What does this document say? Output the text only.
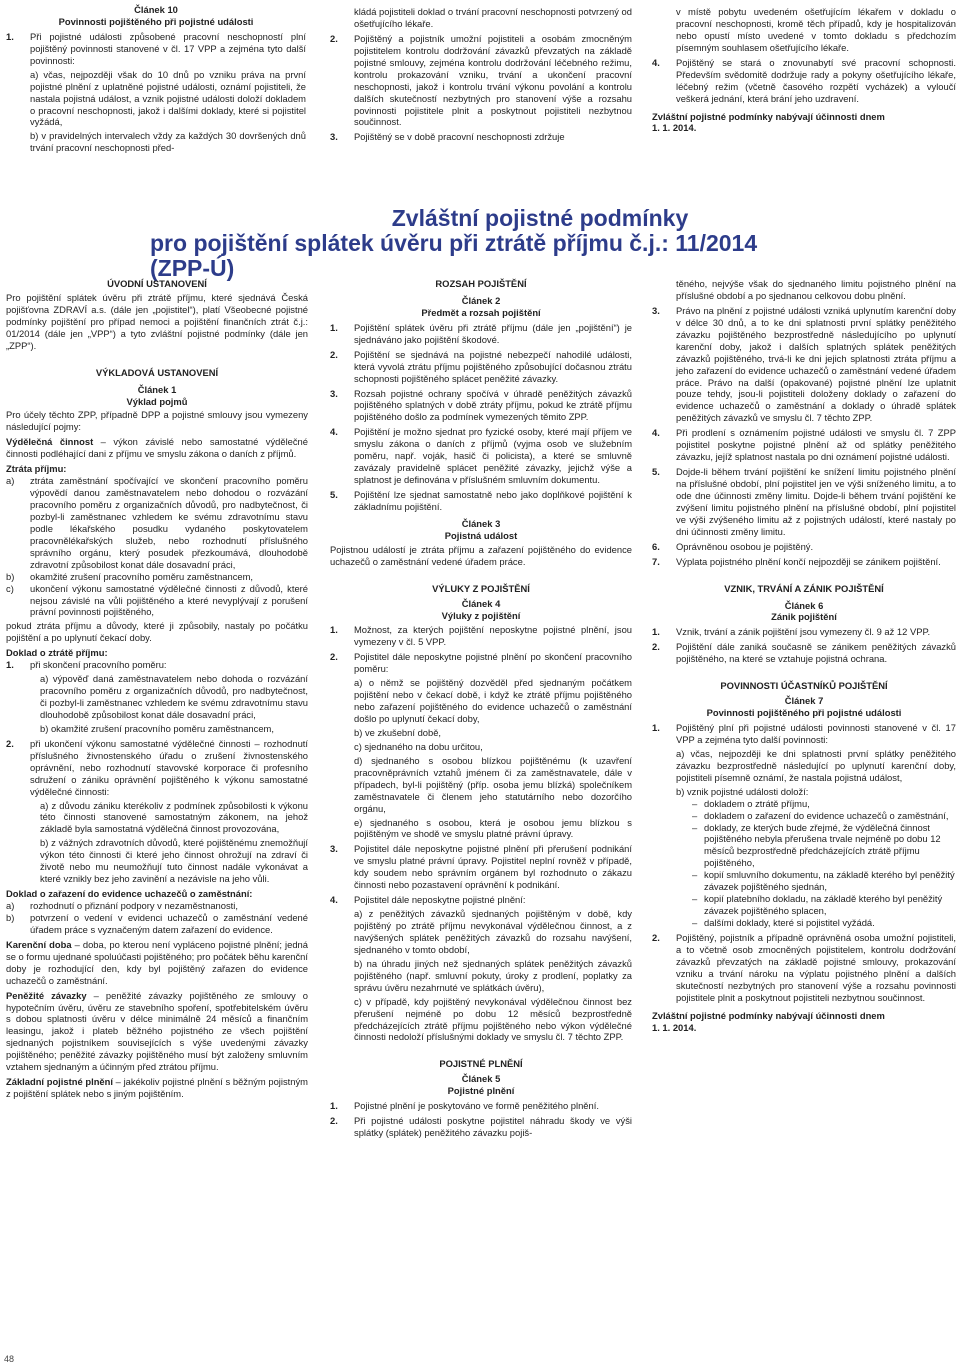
Článek 10
Povinnosti pojištěného při pojistné události
1.	Při pojistné události způsobené pracovní neschopností plní pojištěný povinnosti stanovené v čl. 17 VPP a zejména tyto další povinnosti:
a) včas, nejpozději však do 10 dnů po vzniku práva na první pojistné plnění z uplatněné pojistné události, oznámí pojistiteli, že nastala pojistná událost, a vznik pojistné události doloží dokladem o pracovní neschopnosti, jakož i dalšími doklady, které si pojistitel vyžádá,
b) v pravidelných intervalech vždy za každých 30 dovršených dnů trvání pracovní neschopnosti před-
kládá pojistiteli doklad o trvání pracovní neschopnosti potvrzený od ošetřujícího lékaře.
2.	Pojištěný a pojistník umožní pojistiteli a osobám zmocněným pojistitelem kontrolu dodržování závazků převzatých na základě pojistné smlouvy, zejména kontrolu dodržování léčebného režimu, kontrolu prokazování vzniku, trvání a ukončení pracovní neschopnosti, jakož i kontrolu trvání výkonu povolání a kontrolu dalších skutečností nezbytných pro stanovení výše a rozsahu povinnosti pojistitele plnit a poskytnout pojistiteli nezbytnou součinnost.
3.	Pojištěný se v době pracovní neschopnosti zdržuje
v místě pobytu uvedeném ošetřujícím lékařem v dokladu o pracovní neschopnosti, kromě těch případů, kdy je hospitalizován nebo opustí místo uvedené v tomto dokladu s předchozím písemným souhlasem ošetřujícího lékaře.
4.	Pojištěný se stará o znovunabytí své pracovní schopnosti. Především svědomitě dodržuje rady a pokyny ošetřujícího lékaře, léčebný režim (včetně časového rozpětí vycházek) a vyloučí veškerá jednání, která brání jeho uzdravení.
Zvláštní pojistné podmínky nabývají účinnosti dnem
1. 1. 2014.
Zvláštní pojistné podmínky
pro pojištění splátek úvěru při ztrátě příjmu č.j.: 11/2014 (ZPP-Ú)
ÚVODNÍ USTANOVENÍ
Pro pojištění splátek úvěru při ztrátě příjmu, které sjednává Česká pojišťovna ZDRAVÍ a.s. (dále jen „pojistitel“), platí Všeobecné pojistné podmínky pojištění pro případ nemoci a pojištění finančních ztrát č.j.: 01/2014 (dále jen „VPP“) a tyto zvláštní pojistné podmínky (dále jen „ZPP“).
VÝKLADOVÁ USTANOVENÍ
Článek 1
Výklad pojmů
Pro účely těchto ZPP, případně DPP a pojistné smlouvy jsou vymezeny následující pojmy:
Výdělečná činnost – výkon závislé nebo samostatné výdělečné činnosti podléhající dani z příjmu ve smyslu zákona o daních z příjmů.
Ztráta příjmu:
a)	ztráta zaměstnání spočívající ve skončení pracovního poměru výpovědí danou zaměstnavatelem nebo dohodou o rozvázání pracovního poměru z organizačních důvodů, pro nadbytečnost, či pozbyl-li zaměstnanec vzhledem ke svému zdravotnímu stavu podle lékařského posudku vydaného poskytovatelem pracovnělékařských služeb, nebo rozhodnutí příslušného správního orgánu, který posudek přezkoumává, dlouhodobě zdravotní způsobilost konat dále dosavadní práci,
b)	okamžité zrušení pracovního poměru zaměstnancem,
c)	ukončení výkonu samostatné výdělečné činnosti z důvodů, které nejsou závislé na vůli pojištěného a které nevyplývají z porušení právní povinnosti pojištěného,
pokud ztráta příjmu a důvody, které ji způsobily, nastaly po počátku pojištění a po uplynutí čekací doby.
Doklad o ztrátě příjmu:
1.	při skončení pracovního poměru:
a) výpověď daná zaměstnavatelem nebo dohoda o rozvázání pracovního poměru z organizačních důvodů, pro nadbytečnost, či pozbyl-li zaměstnanec vzhledem ke svému zdravotnímu stavu dlouhodobě způsobilost konat dále dosavadní práci,
b) okamžité zrušení pracovního poměru zaměstnancem,
2.	při ukončení výkonu samostatné výdělečné činnosti – rozhodnutí příslušného živnostenského úřadu o zrušení živnostenského oprávnění, nebo rozhodnutí stavovské korporace či profesního sdružení o zániku oprávnění pojištěného k výkonu samostatné výdělečné činnosti:
a) z důvodu zániku kterékoliv z podmínek způsobilosti k výkonu této činnosti stanovené samostatným zákonem, na jehož základě byla samostatná výdělečná činnost provozována,
b) z vážných zdravotních důvodů, které pojištěnému znemožňují výkon této činnosti či které jeho činnost ohrožují na zdraví či životě nebo mu neumožňují tuto činnost nadále vykonávat a které vznikly bez jeho zavinění a nezávisle na jeho vůli.
Doklad o zařazení do evidence uchazečů o zaměstnání:
a)	rozhodnutí o přiznání podpory v nezaměstnanosti,
b)	potvrzení o vedení v evidenci uchazečů o zaměstnání vedené úřadem práce s vyznačeným datem zařazení do evidence.
Karenční doba – doba, po kterou není vypláceno pojistné plnění; jedná se o formu ujednané spoluúčasti pojištěného; pro počátek běhu karenční doby je rozhodující den, kdy byl pojištěný zařazen do evidence uchazečů o zaměstnání.
Peněžité závazky – peněžité závazky pojištěného ze smlouvy o hypotečním úvěru, úvěru ze stavebního spoření, spotřebitelském úvěru s dobou splatnosti úvěru v délce minimálně 24 měsíců a finančním leasingu, jakož i plateb běžného pojistného ze všech pojištění sjednaných pojistníkem souvisejících s výše uvedenými závazky pojištěného; peněžité závazky pojištěného musí být založeny smluvním vztahem sjednaným a účinným před ztrátou příjmu.
Základní pojistné plnění – jakékoliv pojistné plnění s běžným pojistným z pojištění splátek nebo s jiným pojištěním.
ROZSAH POJIŠTĚNÍ
Článek 2
Předmět a rozsah pojištění
1.	Pojištění splátek úvěru při ztrátě příjmu (dále jen „pojištění“) je sjednáváno jako pojištění škodové.
2.	Pojištění se sjednává na pojistné nebezpečí nahodilé události, která vyvolá ztrátu příjmu pojištěného způsobující dočasnou ztrátu schopnosti pojištěného splácet peněžité závazky.
3.	Rozsah pojistné ochrany spočívá v úhradě peněžitých závazků pojištěného splatných v době ztráty příjmu, pokud ke ztrátě příjmu pojištěného došlo za podmínek vymezených těmito ZPP.
4.	Pojištění je možno sjednat pro fyzické osoby, které mají příjem ve smyslu zákona o daních z příjmů (vyjma osob ve služebním poměru, např. voják, hasič či policista), a které se smluvně zavázaly pravidelně splácet peněžité závazky, jejichž výše a splatnost je definována v příslušném smluvním dokumentu.
5.	Pojištění lze sjednat samostatně nebo jako doplňkové pojištění k základnímu pojištění.
Článek 3
Pojistná událost
Pojistnou událostí je ztráta příjmu a zařazení pojištěného do evidence uchazečů o zaměstnání vedené úřadem práce.
VÝLUKY Z POJIŠTĚNÍ
Článek 4
Výluky z pojištění
1.	Možnost, za kterých pojištění neposkytne pojistné plnění, jsou vymezeny v čl. 5 VPP.
2.	Pojistitel dále neposkytne pojistné plnění po skončení pracovního poměru:
a) o němž se pojištěný dozvěděl před sjednaným počátkem pojištění nebo v čekací době, i když ke ztrátě příjmu pojištěného nebo zařazení pojištěného do evidence uchazečů o zaměstnání došlo po uplynutí čekací doby,
b) ve zkušební době,
c) sjednaného na dobu určitou,
d) sjednaného s osobou blízkou pojištěnému (k uzavření pracovněprávních vztahů jménem či za zaměstnavatele, dále v případech, byl-li pojištěný (příp. osoba jemu blízká) společníkem zaměstnavatele či členem jeho statutárního nebo dozorčího orgánu,
e) sjednaného s osobou, která je osobou jemu blízkou s pojištěným ve shodě ve smyslu platné právní úpravy.
3.	Pojistitel dále neposkytne pojistné plnění při přerušení podnikání ve smyslu platné právní úpravy. Pojistitel neplní rovněž v případě, kdy soudem nebo správním orgánem byl rozhodnuto o zákazu činnosti nebo pozastavení oprávnění k podnikání.
4.	Pojistitel dále neposkytne pojistné plnění:
a) z peněžitých závazků sjednaných pojištěným v době, kdy pojištěný po ztrátě příjmu nevykonával výdělečnou činnost, a z navýšených splátek peněžitých závazků do rozsahu navýšení, sjednaného v tomto období,
b) na úhradu jiných než sjednaných splátek peněžitých závazků pojištěného (např. smluvní pokuty, úroky z prodlení, poplatky za správu úvěru nezahrnuté ve splátkách úvěru),
c) v případě, kdy pojištěný nevykonával výdělečnou činnost bez přerušení nejméně po dobu 12 měsíců bezprostředně předcházejících ztrátě příjmu pojištěného nebo výkon výdělečné činnosti nedoloží příslušnými doklady ve smyslu čl. 7 těchto ZPP.
POJISTNÉ PLNĚNÍ
Článek 5
Pojistné plnění
1.	Pojistné plnění je poskytováno ve formě peněžitého plnění.
2.	Při pojistné události poskytne pojistitel náhradu škody ve výši splátky (splátek) peněžitého závazku pojiš-
těného, nejvýše však do sjednaného limitu pojistného plnění na příslušné období a po sjednanou celkovou dobu plnění.
3.	Právo na plnění z pojistné události vzniká uplynutím karenční doby v délce 30 dnů, a to ke dni splatnosti první splátky peněžitého závazku pojištěného bezprostředně následujícího po uplynutí karenční doby, jakož i dalších splatných splátek peněžitých závazků pojištěného, trvá-li ke dni jejich splatnosti ztráta příjmu a jeho zařazení do evidence uchazečů o zaměstnání vedené úřadem práce. Právo na další (opakované) pojistné plnění lze uplatnit pouze tehdy, jsou-li pojistiteli doloženy doklady o zařazení do evidence uchazečů o zaměstnání a doklady o úhradě splátek peněžitých závazků ve smyslu čl. 7 těchto ZPP.
4.	Při prodlení s oznámením pojistné události ve smyslu čl. 7 ZPP pojistitel poskytne pojistné plnění až od splátky peněžitého závazku, jejíž splatnost nastala po dni oznámení pojistné události.
5.	Dojde-li během trvání pojištění ke snížení limitu pojistného plnění na příslušné období, plní pojistitel jen ve výši sníženého limitu, a to ode dne účinnosti změny limitu. Dojde-li během trvání pojištění ke zvýšení limitu pojistného plnění na příslušné období, plní pojistitel ve výši zvýšeného limitu až z pojistných událostí, které nastaly po dni účinnosti změny limitu.
6.	Oprávněnou osobou je pojištěný.
7.	Výplata pojistného plnění končí nejpozději se zánikem pojištění.
VZNIK, TRVÁNÍ A ZÁNIK POJIŠTĚNÍ
Článek 6
Zánik pojištění
1.	Vznik, trvání a zánik pojištění jsou vymezeny čl. 9 až 12 VPP.
2.	Pojištění dále zaniká současně se zánikem peněžitých závazků pojištěného, na které se vztahuje pojistná ochrana.
POVINNOSTI ÚČASTNÍKŮ POJIŠTĚNÍ
Článek 7
Povinnosti pojištěného při pojistné události
1.	Pojištěný plní při pojistné události povinnosti stanovené v čl. 17 VPP a zejména tyto další povinnosti:
a) včas, nejpozději ke dni splatnosti první splátky peněžitého závazku bezprostředně následující po uplynutí karenční doby, pojistiteli písemně oznámí, že nastala pojistná událost,
b) vznik pojistné události doloží:
– dokladem o ztrátě příjmu,
– dokladem o zařazení do evidence uchazečů o zaměstnání,
– doklady, ze kterých bude zřejmé, že výdělečná činnost pojištěného nebyla přerušena trvale nejméně po dobu 12 měsíců bezprostředně předcházejících ztrátě příjmu pojištěného,
– kopií smluvního dokumentu, na základě kterého byl peněžitý závazek pojištěného sjednán,
– kopií platebního dokladu, na základě kterého byl peněžitý závazek pojištěného splacen,
– dalšími doklady, které si pojistitel vyžádá.
2.	Pojištěný, pojistník a případně oprávněná osoba umožní pojistiteli, a to včetně osob zmocněných pojistitelem, kontrolu dodržování závazků převzatých na základě pojistné smlouvy, prokazování vzniku a trvání nároku na výplatu pojistného plnění a dalších skutečností nezbytných pro stanovení výše a rozsahu povinnosti pojistitele plnit a poskytnout pojistiteli nezbytnou součinnost.
Zvláštní pojistné podmínky nabývají účinnosti dnem
1. 1. 2014.
48
